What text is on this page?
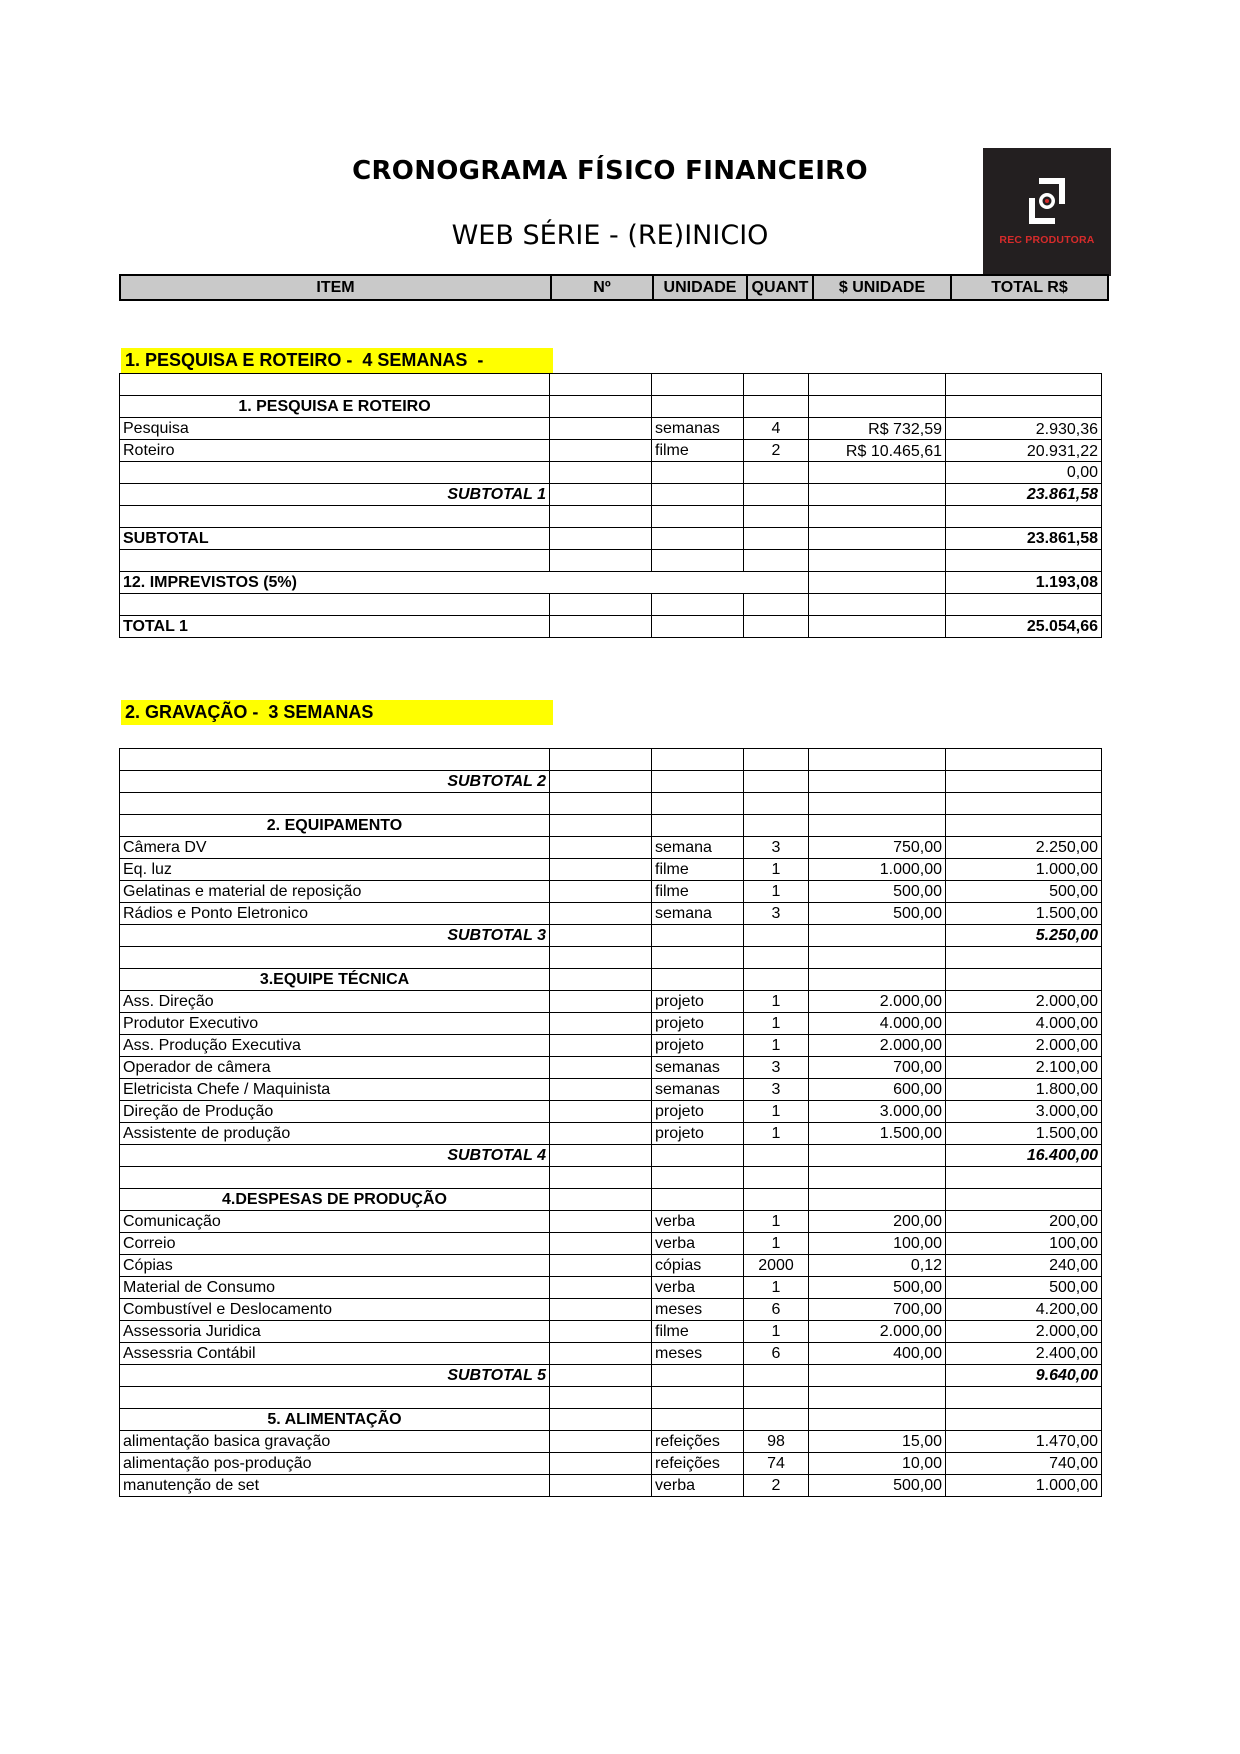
CRONOGRAMA FÍSICO FINANCEIRO
WEB SÉRIE - (RE)INICIO	REC PRODUTORA
ITEM	Nº	UNIDADE	QUANT	$ UNIDADE	TOTAL R$
1. PESQUISA E ROTEIRO -  4 SEMANAS  -

1. PESQUISA E ROTEIRO					
Pesquisa		semanas	4	R$ 732,59	2.930,36
Roteiro		filme	2	R$ 10.465,61	20.931,22
					0,00
SUBTOTAL 1					23.861,58

SUBTOTAL					23.861,58

12. IMPREVISTOS (5%)					1.193,08

TOTAL 1					25.054,66
2. GRAVAÇÃO -  3 SEMANAS

SUBTOTAL 2					

2. EQUIPAMENTO					
Câmera DV		semana	3	750,00	2.250,00
Eq. luz		filme	1	1.000,00	1.000,00
Gelatinas e material de reposição		filme	1	500,00	500,00
Rádios e Ponto Eletronico		semana	3	500,00	1.500,00
SUBTOTAL 3					5.250,00

3.EQUIPE TÉCNICA					
Ass. Direção		projeto	1	2.000,00	2.000,00
Produtor Executivo		projeto	1	4.000,00	4.000,00
Ass. Produção Executiva		projeto	1	2.000,00	2.000,00
Operador de câmera		semanas	3	700,00	2.100,00
Eletricista Chefe / Maquinista		semanas	3	600,00	1.800,00
Direção de Produção		projeto	1	3.000,00	3.000,00
Assistente de produção		projeto	1	1.500,00	1.500,00
SUBTOTAL 4					16.400,00

4.DESPESAS DE PRODUÇÃO					
Comunicação		verba	1	200,00	200,00
Correio		verba	1	100,00	100,00
Cópias		cópias	2000	0,12	240,00
Material de Consumo		verba	1	500,00	500,00
Combustível e Deslocamento		meses	6	700,00	4.200,00
Assessoria Juridica		filme	1	2.000,00	2.000,00
Assessria Contábil		meses	6	400,00	2.400,00
SUBTOTAL 5					9.640,00

5. ALIMENTAÇÃO					
alimentação basica gravação		refeições	98	15,00	1.470,00
alimentação pos-produção		refeições	74	10,00	740,00
manutenção de set		verba	2	500,00	1.000,00
